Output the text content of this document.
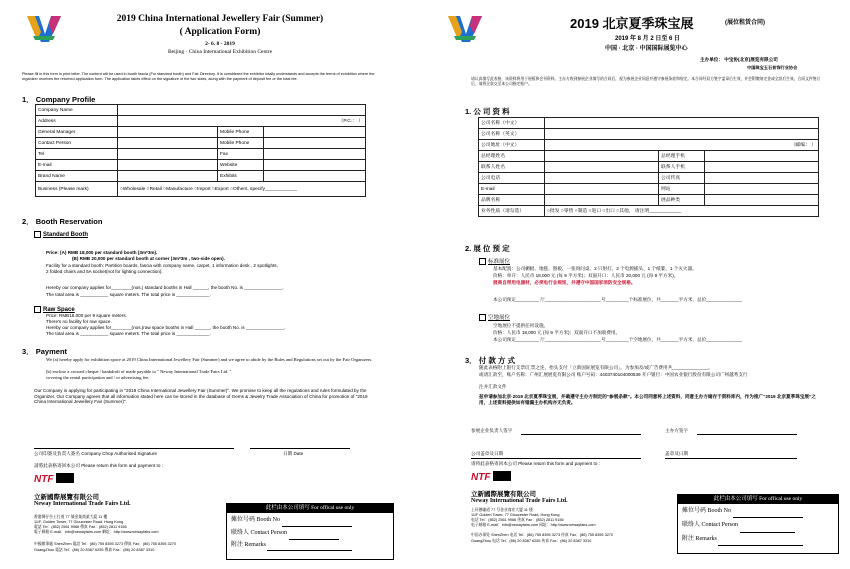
2019 China International Jewellery Fair (Summer)
( Application Form)
2- 6. 8 - 2019
Beijing · China International Exhibition Centre
Please fill in this form in print letter. The content will be used in booth fascia (For standard booth) and Fair Directory. It is considered the exhibitor totally understands and accepts the terms of exhibition where the organizer receives the returned application form. The application takes effect on the signature of the two sides, along with the payment of deposit fee or the total fee.
1． Company Profile
Company Name			
Address	（P.C.： ）		
General Manager		Mobile Phone	
Contact Person		Mobile Phone	
Tel		Fax	
E-mail		Website	
Brand Name		Exhibits	
Business (Please mark)	○Wholesale ○Retail ○Manufacture ○Import ○Export ○Others, specify____________		
2． Booth Reservation
Standard Booth
Price: (A) RMB 18,000 per standard booth (3m*3m).
(B) RMB 20,000 per standard booth at corner (3m*3m , two-side open).
Facility for a standard booth: Partition boards, fascia with company name, carpet, 1 information desk , 2 spotlights,
2 folded chairs and 5A socket(not for lighting connection).
Hereby our company applies for________(nos.) standard booths in Hall ______, the booth No. is _______________.
The total area is ___________ square meters. The total price is _____________.
Raw Space
Price: RMB18,000 per 9 square meters.
There's no facility for raw space.
Hereby our company applies for________(nos.)raw space booths in Hall ______, the booth No. is _______________.
The total area is ___________ square meters. The total price is _____________.
3． Payment
We (a) hereby apply for exhibition space at 2019 China International Jewellery Fair (Summer) and we agree to abide by the Rules and Regulations set out by the Fair Organizers.
(b) enclose a crossed cheque / bankdraft of made payable to " Neway International Trade Fairs Ltd. "
covering the rental participation and / or advertising fee.
Our Company is applying for participating in "2019 China International Jewellery Fair (Summer)". We promise to keep all the regulations and rules formulated by the Organizer. Our Company agrees that all information stated here can be stored in the database of Gems & Jewelry Trade Association of China for promotion of "2019 China International Jewellery Fair (Summer)".
公司印簽及負責人簽名 Company Chop Authorised Signature	日期 Date
請將此表格寄回本公司 Please return this form and payment to :
NTF
立新國際展覽有限公司
Neway International Trade Fairs Ltd.
香港灣仔告士打道 77 號金業商業大廈 11 樓
11/F, Golden Tower, 77 Gloucester Road, Hong Kong
電話 Tel：(852) 2561 9966 傳真 Fax：(852) 2811 9156
電子郵箱 E-mail：info@newayfairs.com 網址：http://www.newayfairs.com
中國辦事處 ShenZhen 電話 Tel：(86) 755 8395 3273 傳真 Fax：(86) 755 8395 3270
GuangZhou 電話 Tel：(86) 20 8387 6255 傳真 Fax：(86) 20 8387 3310
此栏由本公司填写 For offical use only
摊位号码 Booth No
联络人 Contact Person
附注 Remarks
2019 北京夏季珠宝展	(展位租赁合同)
2019 年 8 月 2 日至 6 日
中国 · 北京 · 中国国际展览中心
主办单位： 中宝协(北京)展览有限公司
中国珠宝玉石首饰行业协会
请认真填写此表格，该资料将用于展板和会刊资料。主办方收到参展企业填写的合同后，视为参展企业同意并遵守参展条款和规定。本合同经双方签字盖章后生效，并会附缴纳定金或全款后生效。合同文件签订后，请将全款交至本公司指定账户。
1. 公 司 资 料
公司名称（中文）			
公司名称（英文）			
公司地址（中文）	（邮编： ）		
总经理姓名		总经理手机	
联系人姓名		联系人手机	
公司电话		公司传真	
E-mail		网站	
品牌名称		展品种类	
业务性质（请勾选）	○批发 ○零售 ○制造 ○进口 ○出口 ○其他， 请注明____________		
2. 展 位 预 定
标准展位
基本配置：公司楣板、地毯、围板、一张询问桌、2 只射灯、2 个电源插头、1 个纸篓、1 个灭火器。
价格：单开：人民币 18,000 元 (每 9 平方米)；双面开口：人民币 20,000 元 (每 9 平方米)。
展商自带用电器材，必须电行业规矩，并遵守中国国家消防安全规格。
本公司预定_________ 厅______________________号_________个标准展位，共_______平方米，总价______________
空地展位
空地展位不提供任何设施。
价格：人民币 18,000 元 (每 9 平方米)；双面开口不加收费用。
本公司预定_________ 厅______________________号_________个空地展位，共_______平方米，总价______________
3． 付 款 方 式
随此表格附上银行支票/汇票之连，抬头支付「立新国际展览有限公司」。为参加及/或广告费用共______________。
或请汇款至，账户名称：广州汇展展览有限公司 账户号码：4403740104000539 开户银行：中国农业银行股份有限公司广州越秀支行
注并汇款文件
兹申请参加北京·2019 北京夏季珠宝展，并确遵守主办方制定的“参展条款”。本公司同意将上述资料，同意主办方储存于资料库内，作为推广“2019 北京夏季珠宝展”之用，上述资料提供如有错漏主办机构亦无负责。
参展企业负责人签字	主办方签字
公司盖章及日期	盖章及日期
请将此表格寄回本公司 Please return this form and payment to :
NTF
立新國際展覽有限公司
Neway International Trade Fairs Ltd.
上环德辅道 77 号金业商业大厦 11 楼
11/F Golden Tower, 77 Gloucester Road, Hong Kong
电话 Tel：(852) 2561 9966 传真 Fax：(852) 2811 9156
电子邮箱 E-mail：info@newayfairs.com 网址：http://www.newayfairs.com
中国办事处 ShenZhen 电话 Tel：(86) 755 8395 3273 传真 Fax：(86) 755 8395 3270
GuangZhou 电话 Tel：(86) 20 8387 6255 传真 Fax：(86) 20 8387 3310
此栏由本公司填写 For offical use only
摊位号码 Booth No
联络人 Contact Person
附注 Remarks
